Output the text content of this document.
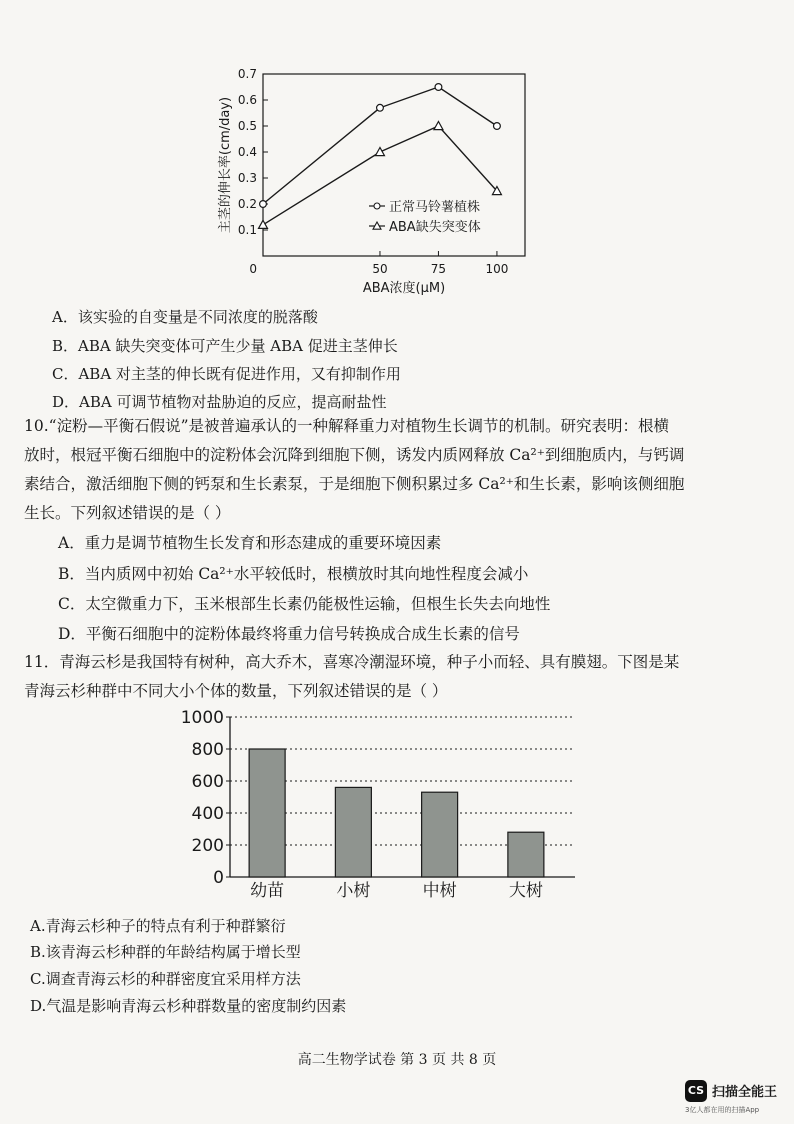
0.1
0.2
0.3
0.4
0.5
0.6
0.7
0	50	75	100
ABA浓度(μM)
主茎的伸长率(cm/day)	正常马铃薯植株
ABA缺失突变体
A．该实验的自变量是不同浓度的脱落酸
B．ABA 缺失突变体可产生少量 ABA 促进主茎伸长
C．ABA 对主茎的伸长既有促进作用，又有抑制作用
D．ABA 可调节植物对盐胁迫的反应，提高耐盐性

10.“淀粉—平衡石假说”是被普遍承认的一种解释重力对植物生长调节的机制。研究表明：根横

放时，根冠平衡石细胞中的淀粉体会沉降到细胞下侧，诱发内质网释放 Ca²⁺到细胞质内，与钙调

素结合，激活细胞下侧的钙泵和生长素泵，于是细胞下侧积累过多 Ca²⁺和生长素，影响该侧细胞

生长。下列叙述错误的是（ ）

A．重力是调节植物生长发育和形态建成的重要环境因素
B．当内质网中初始 Ca²⁺水平较低时，根横放时其向地性程度会减小
C．太空微重力下，玉米根部生长素仍能极性运输，但根生长失去向地性
D．平衡石细胞中的淀粉体最终将重力信号转换成合成生长素的信号

11．青海云杉是我国特有树种，高大乔木，喜寒冷潮湿环境，种子小而轻、具有膜翅。下图是某

青海云杉种群中不同大小个体的数量，下列叙述错误的是（ ）

0
200
400
600
800
1000
幼苗	小树	中树	大树
A.青海云杉种子的特点有利于种群繁衍
B.该青海云杉种群的年龄结构属于增长型
C.调查青海云杉的种群密度宜采用样方法
D.气温是影响青海云杉种群数量的密度制约因素
高二生物学试卷 第 3 页 共 8 页
CS 扫描全能王
3亿人都在用的扫描App
